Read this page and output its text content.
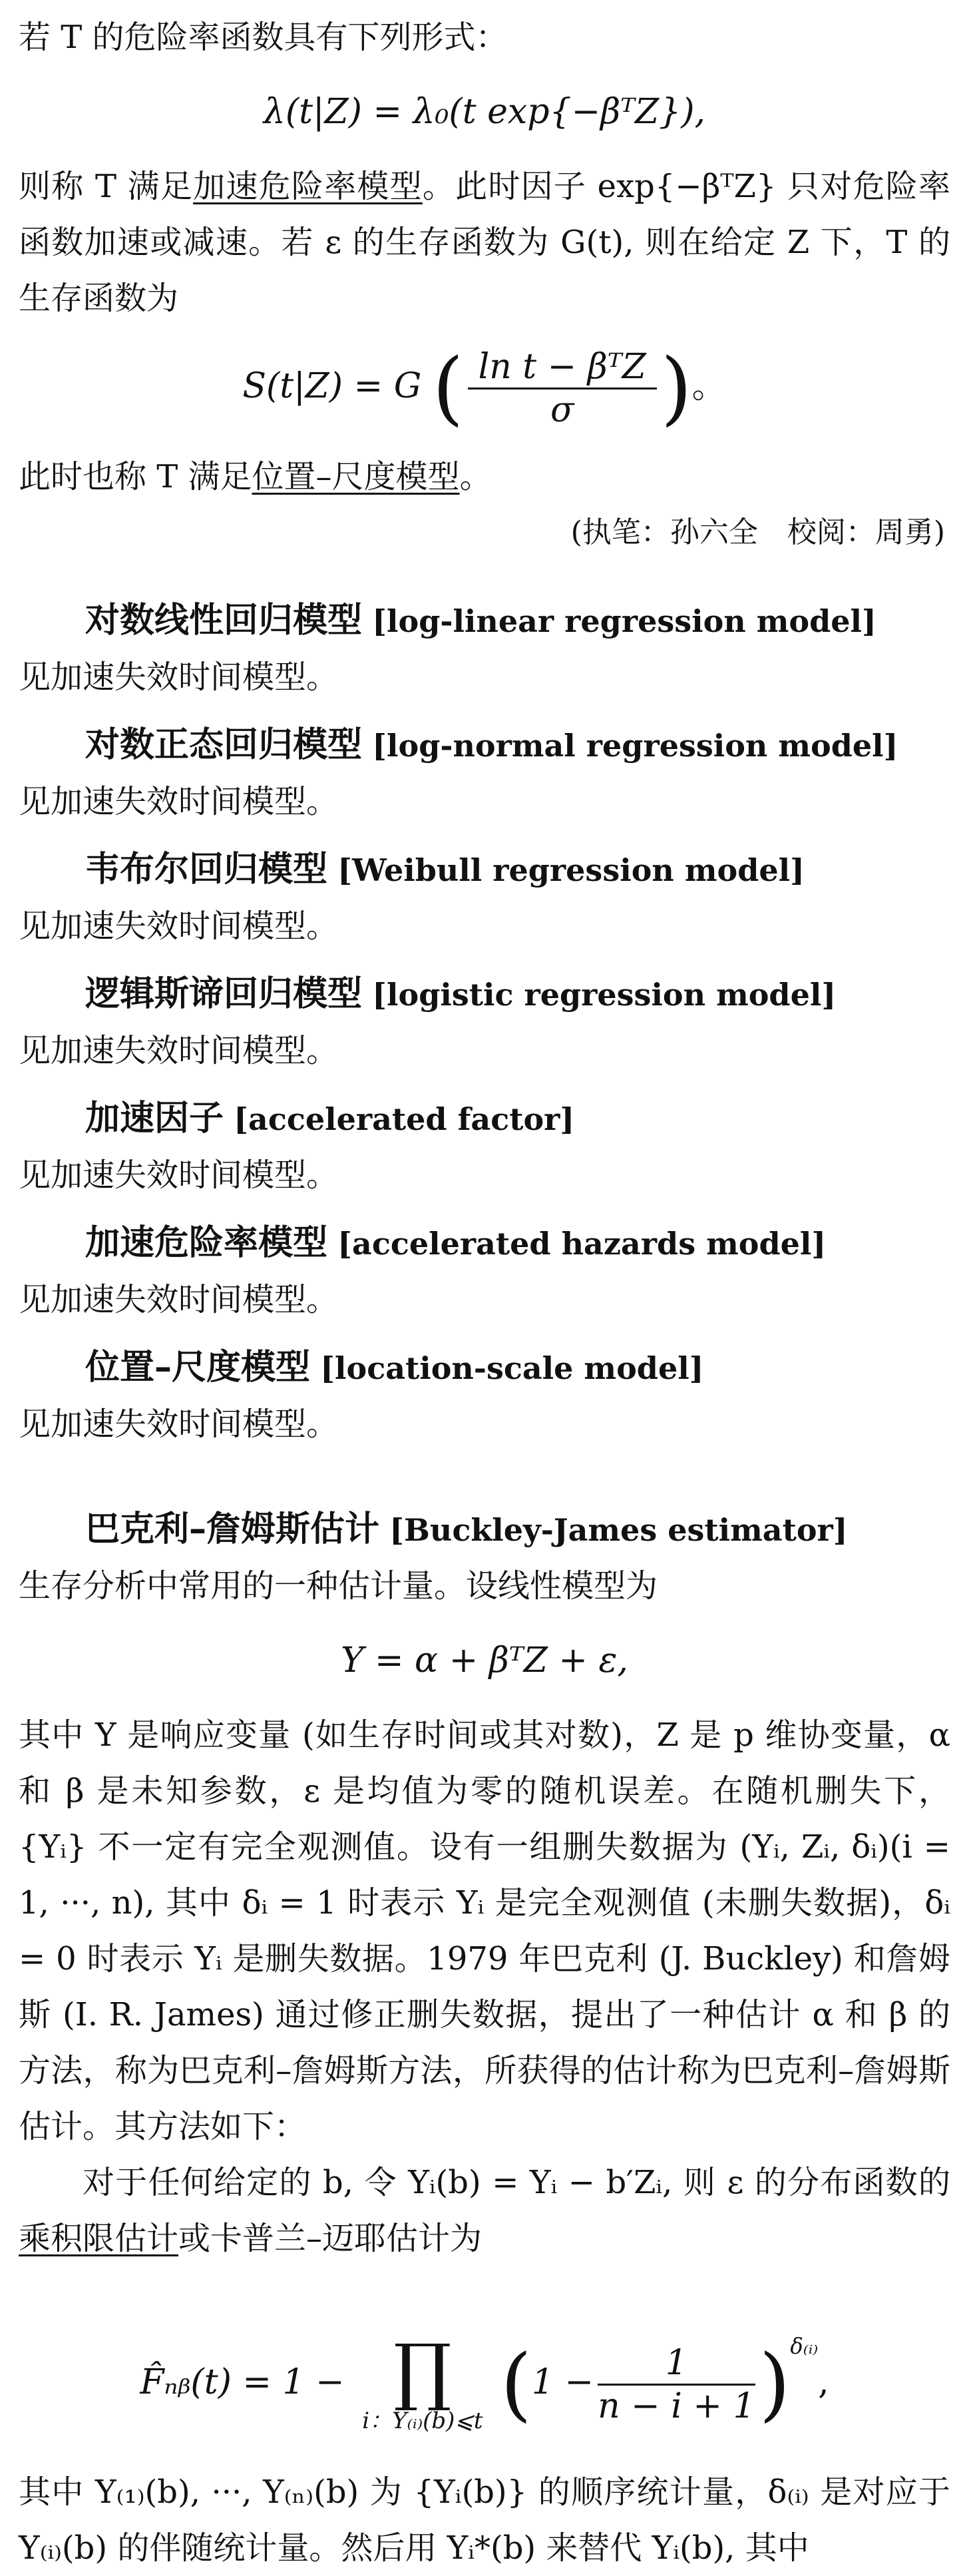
若 T 的危险率函数具有下列形式：

λ(t|Z) = λ₀(t exp{−βᵀZ}),

则称 T 满足加速危险率模型。此时因子 exp{−βᵀZ} 只对危险率函数加速或减速。若 ε 的生存函数为 G(t), 则在给定 Z 下，T 的生存函数为

S(t|Z) = G ( $\frac{\text{ln t − βᵀZ}}{\sigma}$ )。

此时也称 T 满足位置–尺度模型。

(执笔：孙六全　校阅：周勇)

对数线性回归模型 [log-linear regression model]

见加速失效时间模型。

对数正态回归模型 [log-normal regression model]

见加速失效时间模型。

韦布尔回归模型 [Weibull regression model]

见加速失效时间模型。

逻辑斯谛回归模型 [logistic regression model]

见加速失效时间模型。

加速因子 [accelerated factor]

见加速失效时间模型。

加速危险率模型 [accelerated hazards model]

见加速失效时间模型。

位置–尺度模型 [location-scale model]

见加速失效时间模型。

巴克利–詹姆斯估计 [Buckley-James estimator]

生存分析中常用的一种估计量。设线性模型为

Y = α + βᵀZ + ε,

其中 Y 是响应变量 (如生存时间或其对数)，Z 是 p 维协变量，α 和 β 是未知参数，ε 是均值为零的随机误差。在随机删失下，{Yᵢ} 不一定有完全观测值。设有一组删失数据为 (Yᵢ, Zᵢ, δᵢ)(i = 1, ···, n), 其中 δᵢ = 1 时表示 Yᵢ 是完全观测值 (未删失数据)，δᵢ = 0 时表示 Yᵢ 是删失数据。1979 年巴克利 (J. Buckley) 和詹姆斯 (I. R. James) 通过修正删失数据，提出了一种估计 α 和 β 的方法，称为巴克利–詹姆斯方法，所获得的估计称为巴克利–詹姆斯估计。其方法如下：

对于任何给定的 b, 令 Yᵢ(b) = Yᵢ − b′Zᵢ, 则 ε 的分布函数的乘积限估计或卡普兰–迈耶估计为

F̂ₙᵦ(t) = 1 − ∏
i：Y₍ᵢ₎(b)⩽t $(1 - \frac{1}{n - i + 1} )^{\delta_(ᵢ_)}$,

其中 Y₍₁₎(b), ···, Y₍ₙ₎(b) 为 {Yᵢ(b)} 的顺序统计量，δ₍ᵢ₎ 是对应于 Y₍ᵢ₎(b) 的伴随统计量。然后用 Yᵢ*(b) 来替代 Yᵢ(b), 其中
